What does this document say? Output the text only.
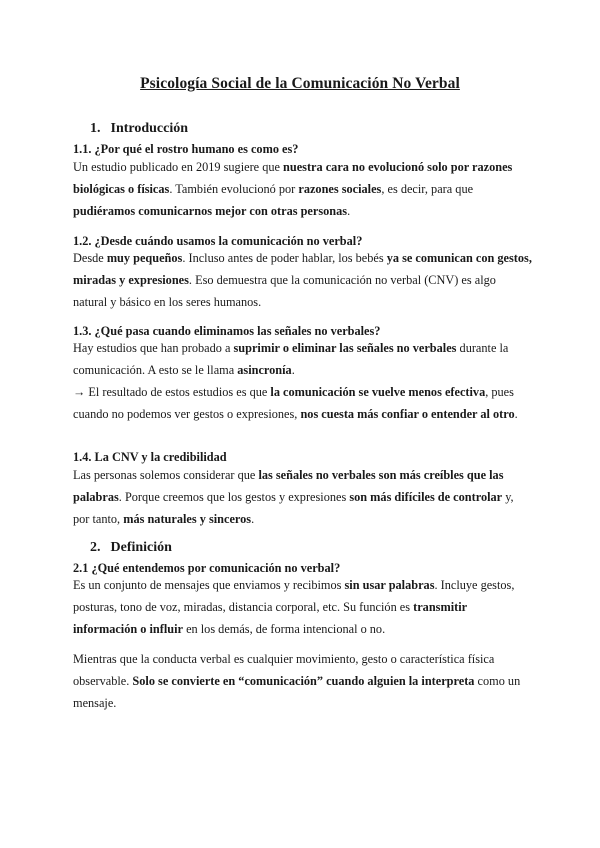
Psicología Social de la Comunicación No Verbal
1. Introducción
1.1. ¿Por qué el rostro humano es como es?
Un estudio publicado en 2019 sugiere que nuestra cara no evolucionó solo por razones biológicas o físicas. También evolucionó por razones sociales, es decir, para que pudiéramos comunicarnos mejor con otras personas.
1.2. ¿Desde cuándo usamos la comunicación no verbal?
Desde muy pequeños. Incluso antes de poder hablar, los bebés ya se comunican con gestos, miradas y expresiones. Eso demuestra que la comunicación no verbal (CNV) es algo natural y básico en los seres humanos.
1.3. ¿Qué pasa cuando eliminamos las señales no verbales?
Hay estudios que han probado a suprimir o eliminar las señales no verbales durante la comunicación. A esto se le llama asincronía.
→ El resultado de estos estudios es que la comunicación se vuelve menos efectiva, pues cuando no podemos ver gestos o expresiones, nos cuesta más confiar o entender al otro.
1.4. La CNV y la credibilidad
Las personas solemos considerar que las señales no verbales son más creíbles que las palabras. Porque creemos que los gestos y expresiones son más difíciles de controlar y, por tanto, más naturales y sinceros.
2. Definición
2.1 ¿Qué entendemos por comunicación no verbal?
Es un conjunto de mensajes que enviamos y recibimos sin usar palabras. Incluye gestos, posturas, tono de voz, miradas, distancia corporal, etc. Su función es transmitir información o influir en los demás, de forma intencional o no.
Mientras que la conducta verbal es cualquier movimiento, gesto o característica física observable. Solo se convierte en “comunicación” cuando alguien la interpreta como un mensaje.
